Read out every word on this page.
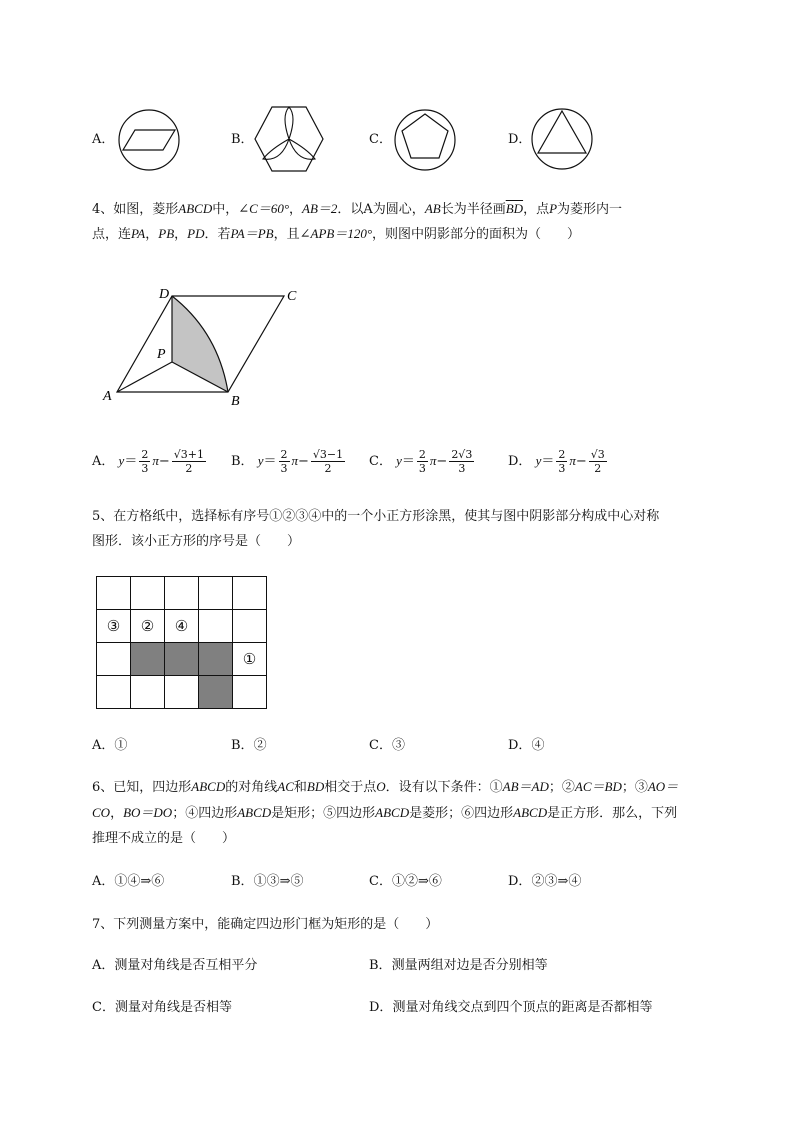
A．	B．	C．	D．
4、如图，菱形ABCD中，∠C＝60°，AB＝2．以A为圆心，AB长为半径画$\overline{BD}$，点P为菱形内一
点，连PA，PB，PD．若PA＝PB，且∠APB＝120°，则图中阴影部分的面积为（　　）
D	C
P
A	B
A． $y= \frac{2}{3} \pi- \frac{√3+1}{2}$ B． $y= \frac{2}{3} \pi- \frac{√3-1}{2}$ C． $y= \frac{2}{3} \pi- \frac{2√3}{3}$	D． $y= \frac{2}{3} \pi- \frac{√3}{2}$
5、在方格纸中，选择标有序号①②③④中的一个小正方形涂黑，使其与图中阴影部分构成中心对称
图形．该小正方形的序号是（　　）

③	②	④		
				①

A．①	B．②	C．③	D．④
6、已知，四边形ABCD的对角线AC和BD相交于点O．设有以下条件：①AB＝AD；②AC＝BD；③AO＝
CO，BO＝DO；④四边形ABCD是矩形；⑤四边形ABCD是菱形；⑥四边形ABCD是正方形．那么，下列
推理不成立的是（　　）
A．①④⇒⑥	B．①③⇒⑤	C．①②⇒⑥	D．②③⇒④
7、下列测量方案中，能确定四边形门框为矩形的是（　　）
A．测量对角线是否互相平分	B．测量两组对边是否分别相等
C．测量对角线是否相等	D．测量对角线交点到四个顶点的距离是否都相等
